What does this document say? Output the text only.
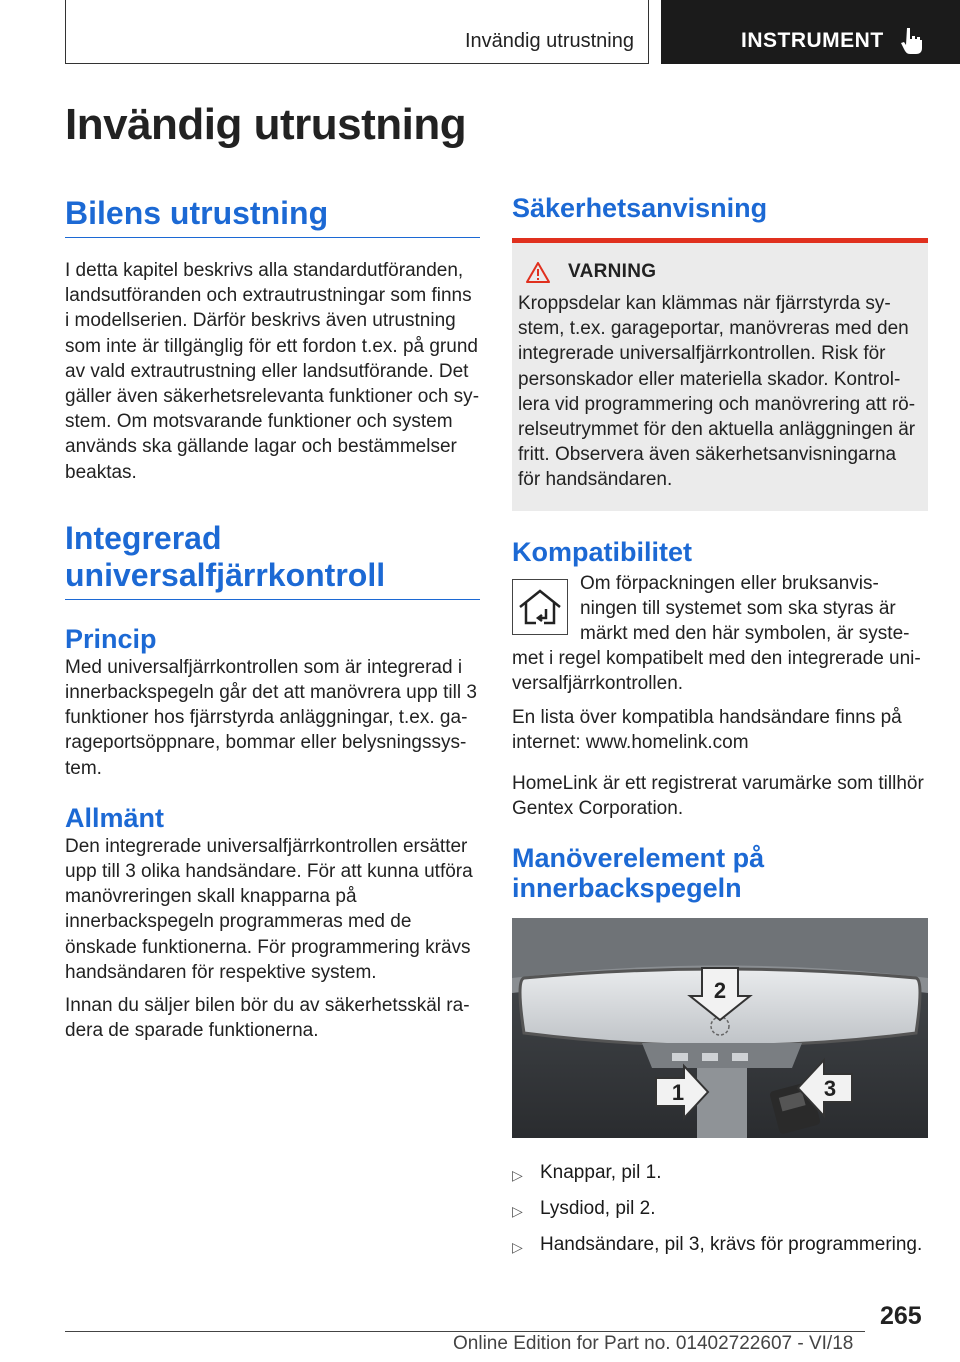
Invändig utrustning	INSTRUMENT
Invändig utrustning
Bilens utrustning

I detta kapitel beskrivs alla standardutföranden, landsutföranden och extrautrustningar som finns i modellserien. Därför beskrivs även utrustning som inte är tillgänglig för ett fordon t.ex. på grund av vald extrautrustning eller landsutförande. Det gäller även säkerhetsrelevanta funktioner och system. Om motsvarande funktioner och system används ska gällande lagar och bestämmelser beaktas.

Integrerad
universalfjärrkontroll
Princip

Med universalfjärrkontrollen som är integrerad i innerbackspegeln går det att manövrera upp till 3 funktioner hos fjärrstyrda anläggningar, t.ex. garageportsöppnare, bommar eller belysningssystem.

Allmänt

Den integrerade universalfjärrkontrollen ersätter upp till 3 olika handsändare. För att kunna utföra manövreringen skall knapparna på innerbackspegeln programmeras med de önskade funktionerna. För programmering krävs handsändaren för respektive system.

Innan du säljer bilen bör du av säkerhetsskäl radera de sparade funktionerna.

Säkerhetsanvisning
VARNING

Kroppsdelar kan klämmas när fjärrstyrda system, t.ex. garageportar, manövreras med den integrerade universalfjärrkontrollen. Risk för personskador eller materiella skador. Kontrollera vid programmering och manövrering att rörelseutrymmet för den aktuella anläggningen är fritt. Observera även säkerhetsanvisningarna för handsändaren.

Kompatibilitet

Om förpackningen eller bruksanvisningen till systemet som ska styras är märkt med den här symbolen, är systemet i regel kompatibelt med den integrerade universalfjärrkontrollen.

En lista över kompatibla handsändare finns på internet: www.homelink.com

HomeLink är ett registrerat varumärke som tillhör Gentex Corporation.

Manöverelement på
innerbackspegeln
2
1	3
▷ Knappar, pil 1.
▷ Lysdiod, pil 2.
▷ Handsändare, pil 3, krävs för programmering.
265
Online Edition for Part no. 01402722607 - VI/18
